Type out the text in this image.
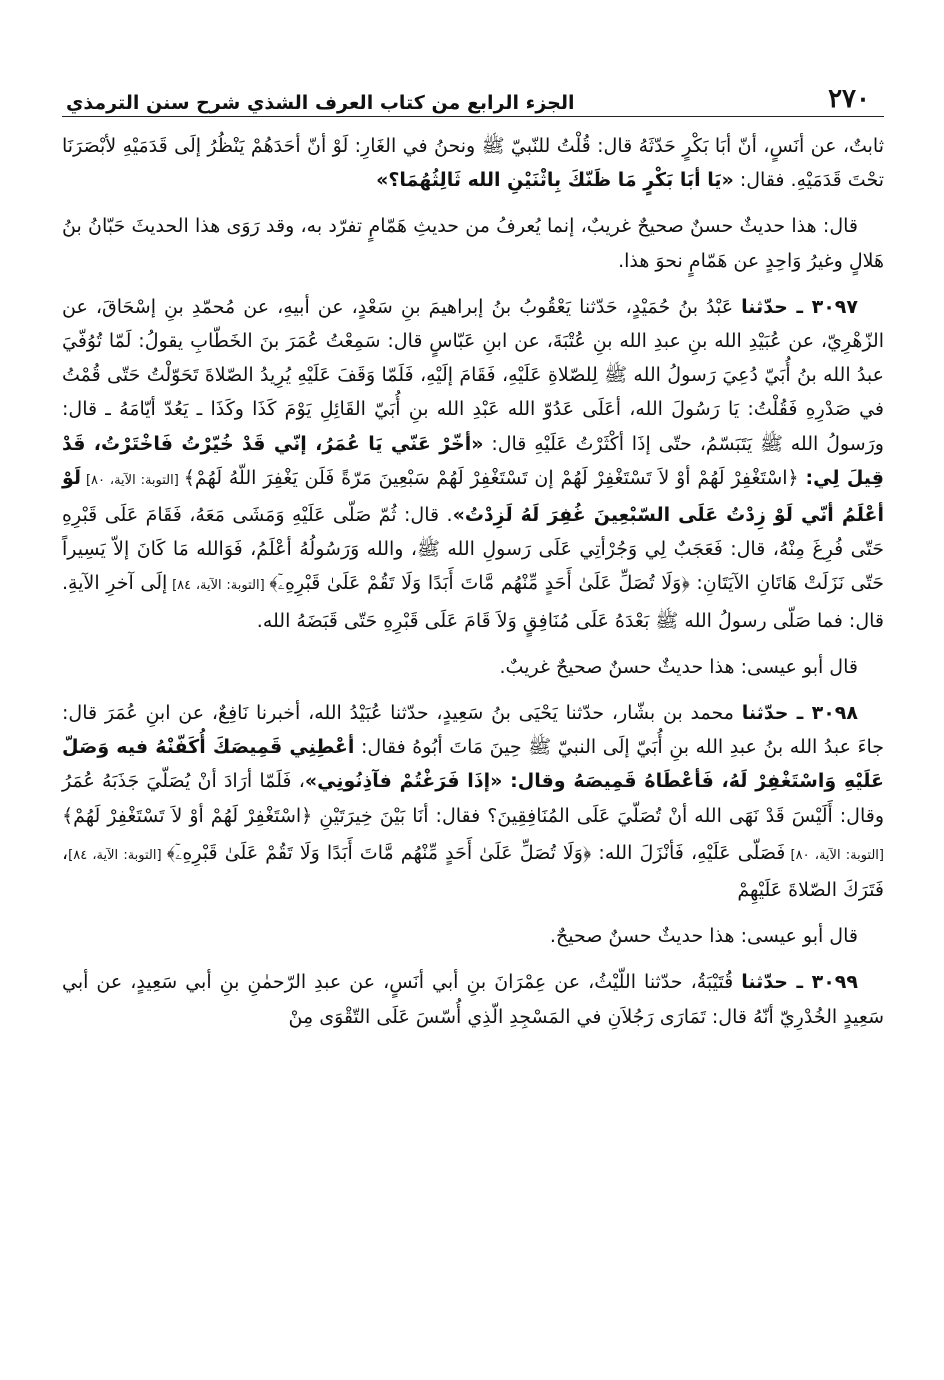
٢٧٠
الجزء الرابع من كتاب العرف الشذي شرح سنن الترمذي

ثابتٌ، عن أنَسٍ، أنّ أبَا بَكْرٍ حَدّثَهُ قال: قُلْتُ للنّبيّ ﷺ ونحنُ في الغَارِ: لَوْ أنّ أحَدَهُمْ يَنْظُرُ إلَى قَدَمَيْهِ لأبْصَرَنَا تحْتَ قَدَمَيْهِ. فقال: «يَا أبَا بَكْرٍ مَا ظَنّكَ بِاثْنَيْنِ الله ثَالِثُهُمَا؟»

قال: هذا حديثٌ حسنٌ صحيحٌ غريبٌ، إنما يُعرفُ من حديثِ هَمّامٍ تفرّد به، وقد رَوَى هذا الحديثَ حَبّانُ بنُ هَلالٍ وغيرُ وَاحِدٍ عن هَمّامٍ نحوَ هذا.

٣٠٩٧ ـ حدّثنا عَبْدُ بنُ حُمَيْدٍ، حَدّثنا يَعْقُوبُ بنُ إبراهيمَ بنِ سَعْدٍ، عن أبيهِ، عن مُحمّدِ بنِ إسْحَاقَ، عن الزّهْرِيّ، عن عُبَيْدِ الله بنِ عبدِ الله بنِ عُتْبَةَ، عن ابنِ عَبّاسٍ قال: سَمِعْتُ عُمَرَ بنَ الخَطّابِ يقولُ: لَمّا تُوُفّيَ عبدُ الله بنُ أُبَيّ دُعِيَ رَسولُ الله ﷺ لِلصّلاةِ عَلَيْهِ، فَقَامَ إلَيْهِ، فَلَمّا وَقَفَ عَلَيْهِ يُرِيدُ الصّلاةَ تَحَوّلْتُ حَتّى قُمْتُ في صَدْرِهِ فَقُلْتُ: يَا رَسُولَ الله، أعَلَى عَدُوّ الله عَبْدِ الله بنِ أُبَيّ القَائِلِ يَوْمَ كَذَا وكَذَا ـ يَعُدّ أيّامَهُ ـ قال: ورَسولُ الله ﷺ يَتَبَسّمُ، حتّى إذَا أكْثَرْتُ عَلَيْهِ قال: «أخّرْ عَنّي يَا عُمَرُ، إنّي قَدْ خُيّرْتُ فَاخْتَرْتُ، قَدْ قِيلَ لِي: ﴿اسْتَغْفِرْ لَهُمْ أوْ لاَ تَسْتَغْفِرْ لَهُمْ إن تَسْتَغْفِرْ لَهُمْ سَبْعِينَ مَرّةً فَلَن يَغْفِرَ اللّهُ لَهُمْ﴾ [التوبة: الآية، ٨٠] لَوْ أعْلَمُ أنّي لَوْ زِدْتُ عَلَى السّبْعِينَ غُفِرَ لَهُ لَزِدْتُ». قال: ثُمّ صَلّى عَلَيْهِ وَمَشَى مَعَهُ، فَقَامَ عَلَى قَبْرِهِ حَتّى فُرِغَ مِنْهُ، قال: فَعَجَبٌ لِي وَجُرْأتِي عَلَى رَسولِ الله ﷺ، والله وَرَسُولُهُ أعْلَمُ، فَوَالله مَا كَانَ إلاّ يَسِيراً حَتّى نَزَلَتْ هَاتَانِ الآيَتَانِ: ﴿وَلَا تُصَلِّ عَلَىٰ أَحَدٍ مِّنْهُم مَّاتَ أَبَدًا وَلَا تَقُمْ عَلَىٰ قَبْرِهِۦٓ﴾ [التوبة: الآية، ٨٤] إلَى آخرِ الآيةِ. قال: فما صَلّى رسولُ الله ﷺ بَعْدَهُ عَلَى مُنَافِقٍ وَلاَ قَامَ عَلَى قَبْرِهِ حَتّى قَبَضَهُ الله.

قال أبو عيسى: هذا حديثٌ حسنٌ صحيحٌ غريبٌ.

٣٠٩٨ ـ حدّثنا محمد بن بشّار، حدّثنا يَحْيَى بنُ سَعِيدٍ، حدّثنا عُبَيْدُ الله، أخبرنا نَافِعٌ، عن ابنِ عُمَرَ قال: جاءَ عبدُ الله بنُ عبدِ الله بنِ أُبَيّ إلَى النبيّ ﷺ حِينَ مَاتَ أبُوهُ فقال: أعْطِنِي قَمِيصَكَ أُكَفّنْهُ فيه وَصَلّ عَلَيْهِ وَاسْتَغْفِرْ لَهُ، فَأعْطَاهُ قَمِيصَهُ وقال: «إذَا فَرَغْتُمْ فآذِنُونِي»، فَلَمّا أرَادَ أنْ يُصَلّيَ جَذَبَهُ عُمَرُ وقال: أَلَيْسَ قَدْ نَهَى الله أنْ تُصَلّيَ عَلَى المُنَافِقِينَ؟ فقال: أنَا بَيْنَ خِيرَتَيْنِ ﴿اسْتَغْفِرْ لَهُمْ أوْ لاَ تَسْتَغْفِرْ لَهُمْ﴾ [التوبة: الآية، ٨٠] فَصَلّى عَلَيْهِ، فَأنْزَلَ الله: ﴿وَلَا تُصَلِّ عَلَىٰ أَحَدٍ مِّنْهُم مَّاتَ أَبَدًا وَلَا تَقُمْ عَلَىٰ قَبْرِهِۦٓ﴾ [التوبة: الآية، ٨٤]، فَتَرَكَ الصّلاةَ عَلَيْهِمْ

قال أبو عيسى: هذا حديثٌ حسنٌ صحيحٌ.

٣٠٩٩ ـ حدّثنا قُتَيْبَةُ، حدّثنا اللّيْثُ، عن عِمْرَانَ بنِ أبي أنَسٍ، عن عبدِ الرّحمٰنِ بنِ أبي سَعِيدٍ، عن أبي سَعِيدٍ الخُدْرِيّ أنّهُ قال: تَمَارَى رَجُلاَنِ في المَسْجِدِ الّذِي أُسّسَ عَلَى التّقْوَى مِنْ
